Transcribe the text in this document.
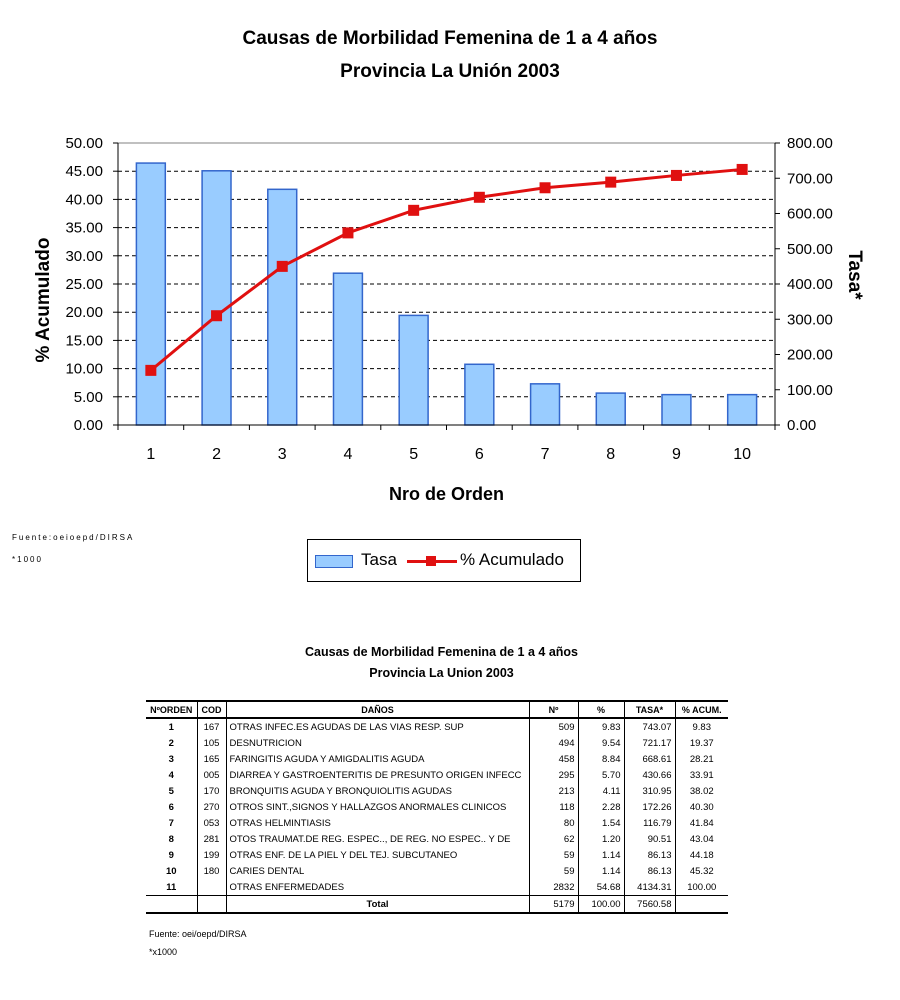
Causas de Morbilidad Femenina de 1 a 4 años
Provincia La Unión 2003
0.00
5.00
10.00
15.00
20.00
25.00
30.00
35.00
40.00
45.00
50.00
0.00
100.00
200.00
300.00
400.00
500.00
600.00
700.00
800.00
1	2	3	4	5	6	7	8	9	10
Nro de Orden
% Acumulado	Tasa*
Fuente:oeioepd/DIRSA
*1000	Tasa	% Acumulado
Causas de Morbilidad Femenina de 1 a 4 años
Provincia La Union 2003
NºORDEN	COD	DAÑOS	Nº	%	TASA*	% ACUM.
1	167	OTRAS INFEC.ES AGUDAS DE LAS VIAS RESP. SUP	509	9.83	743.07	9.83
2	105	DESNUTRICION	494	9.54	721.17	19.37
3	165	FARINGITIS AGUDA Y AMIGDALITIS AGUDA	458	8.84	668.61	28.21
4	005	DIARREA Y GASTROENTERITIS DE PRESUNTO ORIGEN INFECC	295	5.70	430.66	33.91
5	170	BRONQUITIS AGUDA Y BRONQUIOLITIS AGUDAS	213	4.11	310.95	38.02
6	270	OTROS SINT.,SIGNOS Y HALLAZGOS ANORMALES CLINICOS	118	2.28	172.26	40.30
7	053	OTRAS HELMINTIASIS	80	1.54	116.79	41.84
8	281	OTOS TRAUMAT.DE REG. ESPEC.., DE REG. NO ESPEC.. Y DE	62	1.20	90.51	43.04
9	199	OTRAS ENF. DE LA PIEL Y DEL TEJ. SUBCUTANEO	59	1.14	86.13	44.18
10	180	CARIES DENTAL	59	1.14	86.13	45.32
11		OTRAS ENFERMEDADES	2832	54.68	4134.31	100.00
		Total	5179	100.00	7560.58	
Fuente: oei/oepd/DIRSA
*x1000
